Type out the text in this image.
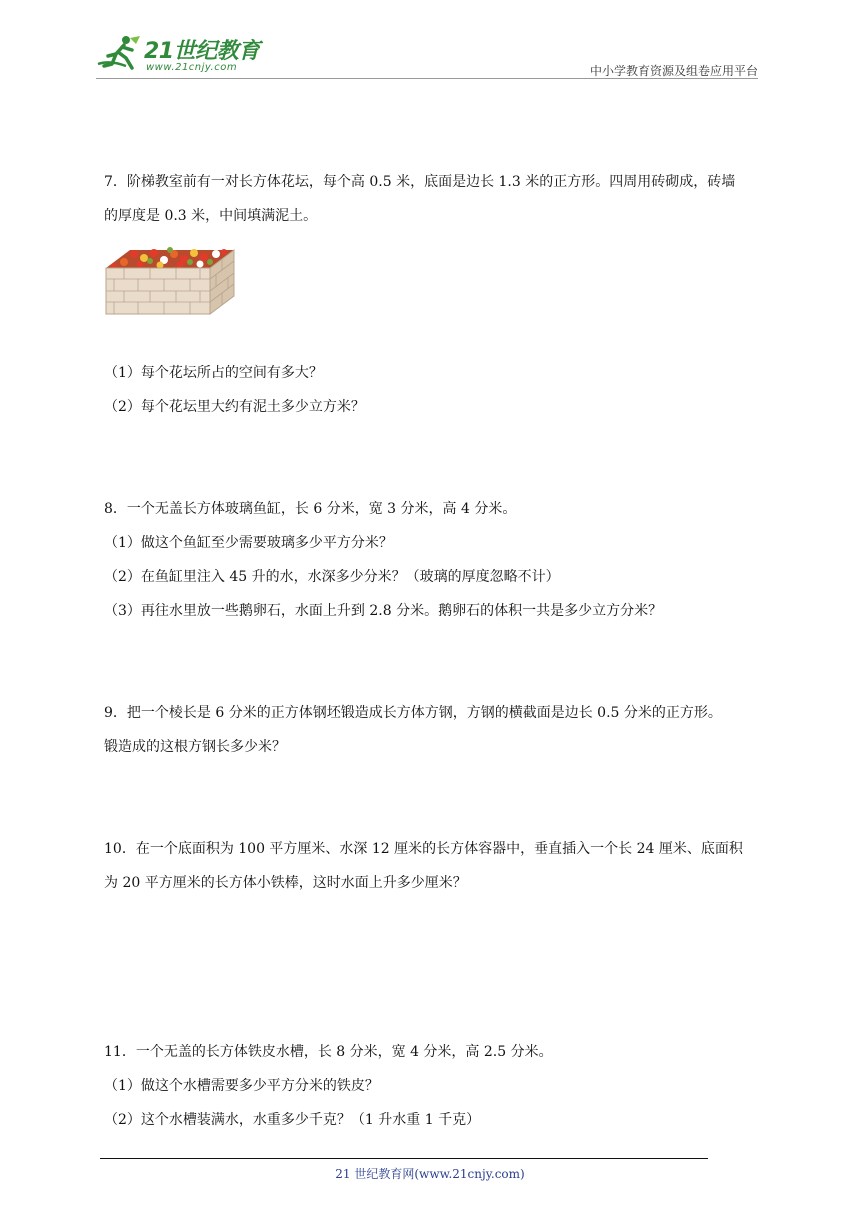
21世纪教育
www.21cnjy.com	中小学教育资源及组卷应用平台
7．阶梯教室前有一对长方体花坛，每个高 0.5 米，底面是边长 1.3 米的正方形。四周用砖砌成，砖墙
的厚度是 0.3 米，中间填满泥土。
（1）每个花坛所占的空间有多大？
（2）每个花坛里大约有泥土多少立方米？
8．一个无盖长方体玻璃鱼缸，长 6 分米，宽 3 分米，高 4 分米。
（1）做这个鱼缸至少需要玻璃多少平方分米？
（2）在鱼缸里注入 45 升的水，水深多少分米？（玻璃的厚度忽略不计）
（3）再往水里放一些鹅卵石，水面上升到 2.8 分米。鹅卵石的体积一共是多少立方分米？
9．把一个棱长是 6 分米的正方体钢坯锻造成长方体方钢，方钢的横截面是边长 0.5 分米的正方形。
锻造成的这根方钢长多少米？
10．在一个底面积为 100 平方厘米、水深 12 厘米的长方体容器中，垂直插入一个长 24 厘米、底面积
为 20 平方厘米的长方体小铁棒，这时水面上升多少厘米？
11．一个无盖的长方体铁皮水槽，长 8 分米，宽 4 分米，高 2.5 分米。
（1）做这个水槽需要多少平方分米的铁皮？
（2）这个水槽装满水，水重多少千克？（1 升水重 1 千克）
21 世纪教育网(www.21cnjy.com)
